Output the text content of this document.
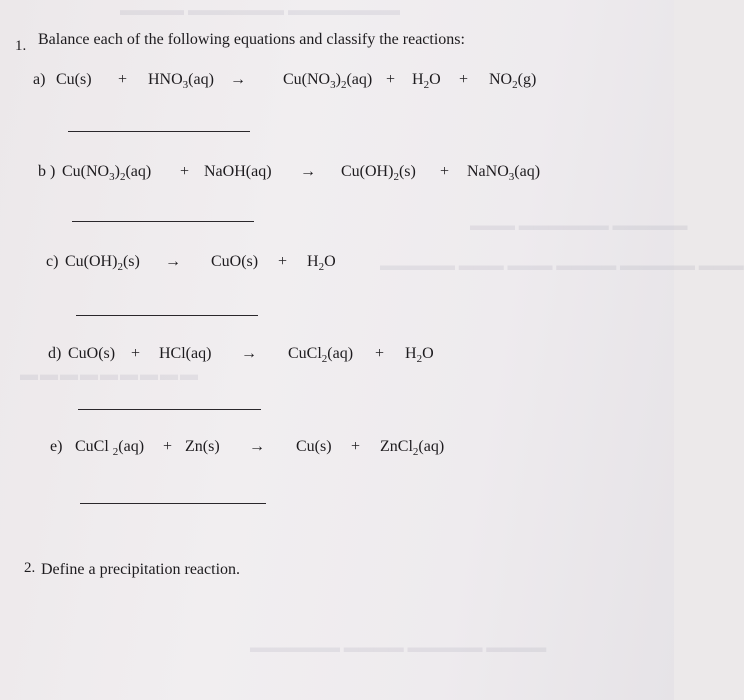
▬▬▬▬ ▬▬▬▬▬▬ ▬▬▬▬▬▬▬
▬▬▬ ▬▬▬▬▬▬ ▬▬▬▬▬
▬▬▬▬▬ ▬▬▬ ▬▬▬ ▬▬▬▬ ▬▬▬▬▬ ▬▬▬
▬▬▬▬▬▬▬▬▬
▬▬▬▬▬▬ ▬▬▬▬ ▬▬▬▬▬ ▬▬▬▬
1. Balance each of the following equations and classify the reactions:
a) $Cu(s) + HNO_3(aq) \to Cu(NO_3)_2(aq) + H_2O + NO_2(g)$
b ) $Cu(NO_3)_2(aq)$ + NaOH(aq) → $Cu(OH)_2(s)$ + NaNO$_3$(aq)
c) $Cu(OH)_2(s) \to CuO(s) + H_2O$
d) CuO(s) + HCl(aq) → CuCl$_2$(aq) + $H_2O$
e) CuCl $_2$(aq) + Zn(s) → Cu(s) + ZnCl$_2$(aq)
2. Define a precipitation reaction.
